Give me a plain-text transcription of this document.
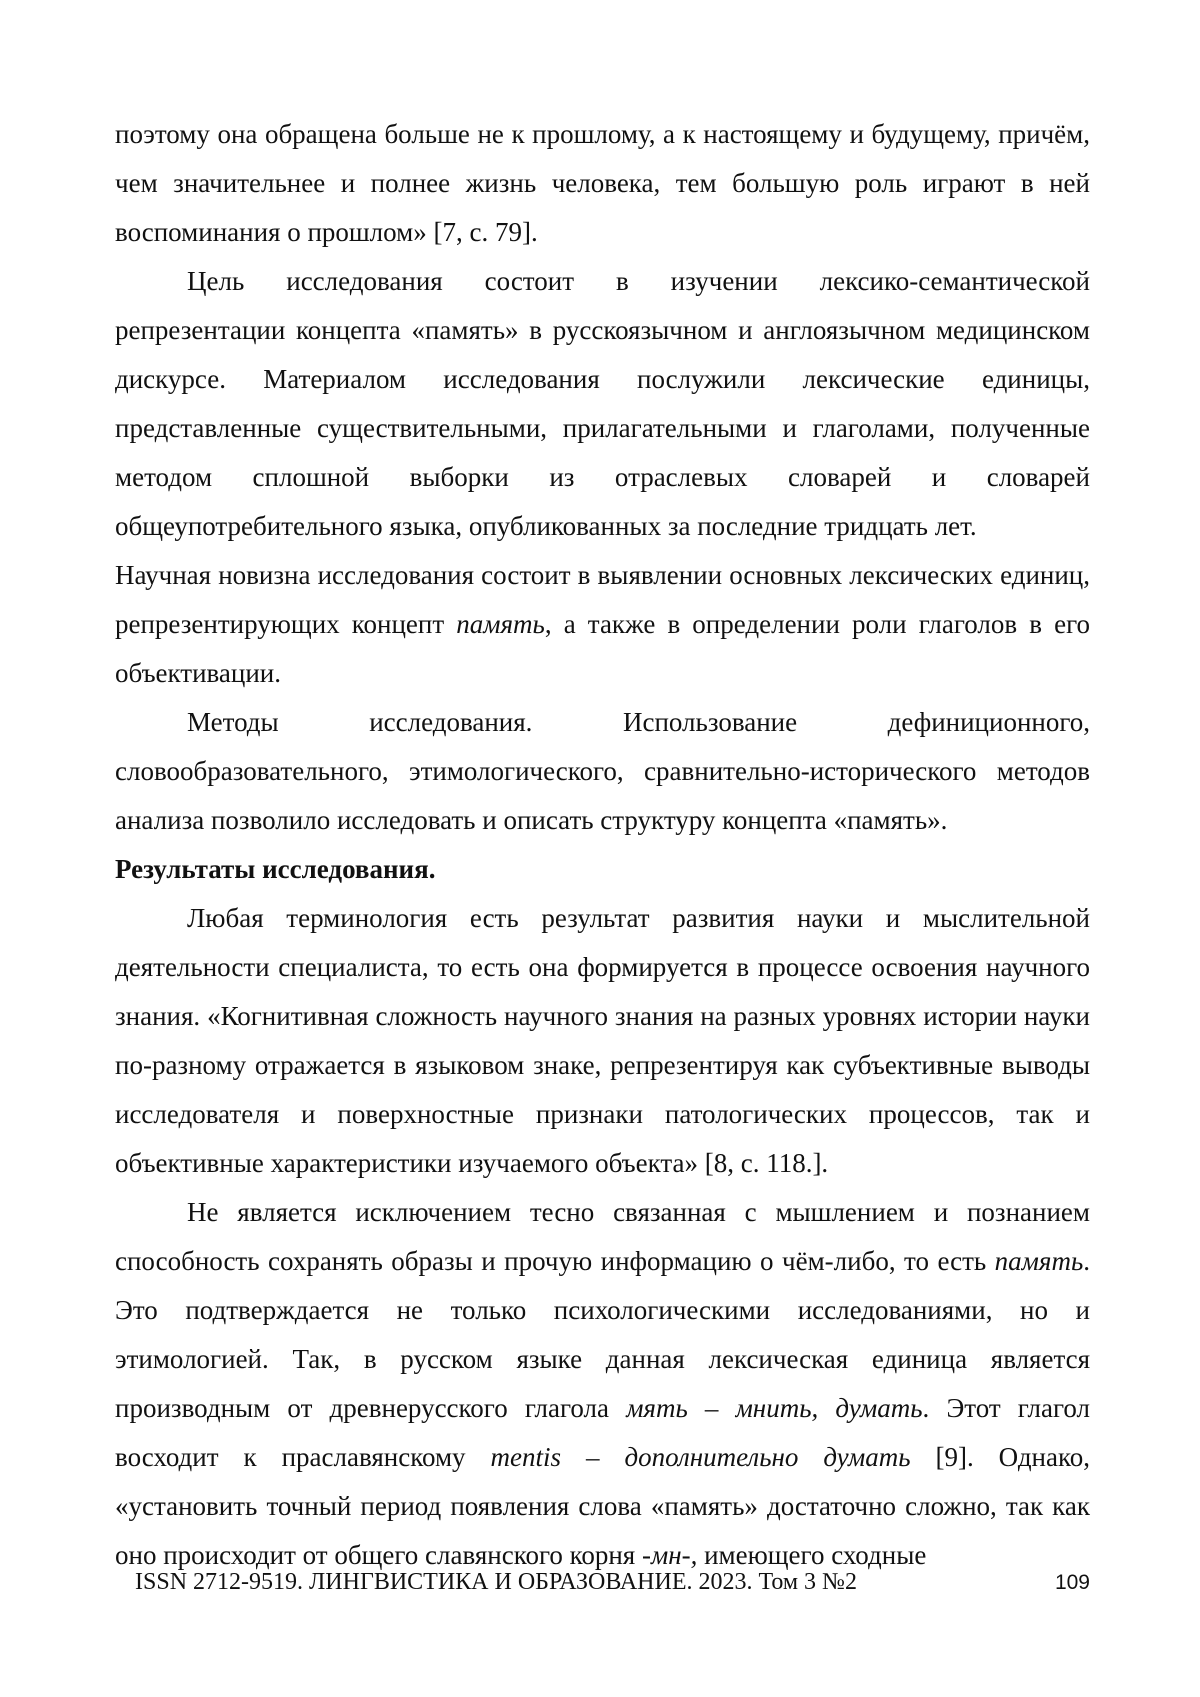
поэтому она обращена больше не к прошлому, а к настоящему и будущему, причём, чем значительнее и полнее жизнь человека, тем большую роль играют в ней воспоминания о прошлом» [7, с. 79].

Цель исследования состоит в изучении лексико-семантической репрезентации концепта «память» в русскоязычном и англоязычном медицинском дискурсе. Материалом исследования послужили лексические единицы, представленные существительными, прилагательными и глаголами, полученные методом сплошной выборки из отраслевых словарей и словарей общеупотребительного языка, опубликованных за последние тридцать лет.

Научная новизна исследования состоит в выявлении основных лексических единиц, репрезентирующих концепт память, а также в определении роли глаголов в его объективации.

Методы исследования. Использование дефиниционного, словообразовательного, этимологического, сравнительно-исторического методов анализа позволило исследовать и описать структуру концепта «память».

Результаты исследования.

Любая терминология есть результат развития науки и мыслительной деятельности специалиста, то есть она формируется в процессе освоения научного знания. «Когнитивная сложность научного знания на разных уровнях истории науки по-разному отражается в языковом знаке, репрезентируя как субъективные выводы исследователя и поверхностные признаки патологических процессов, так и объективные характеристики изучаемого объекта» [8, с. 118.].

Не является исключением тесно связанная с мышлением и познанием способность сохранять образы и прочую информацию о чём-либо, то есть память. Это подтверждается не только психологическими исследованиями, но и этимологией. Так, в русском языке данная лексическая единица является производным от древнерусского глагола мять – мнить, думать. Этот глагол восходит к праславянскому mentis – дополнительно думать [9]. Однако, «установить точный период появления слова «память» достаточно сложно, так как оно происходит от общего славянского корня -мн-, имеющего сходные

ISSN 2712-9519. ЛИНГВИСТИКА И ОБРАЗОВАНИЕ. 2023. Том 3 №2	109
